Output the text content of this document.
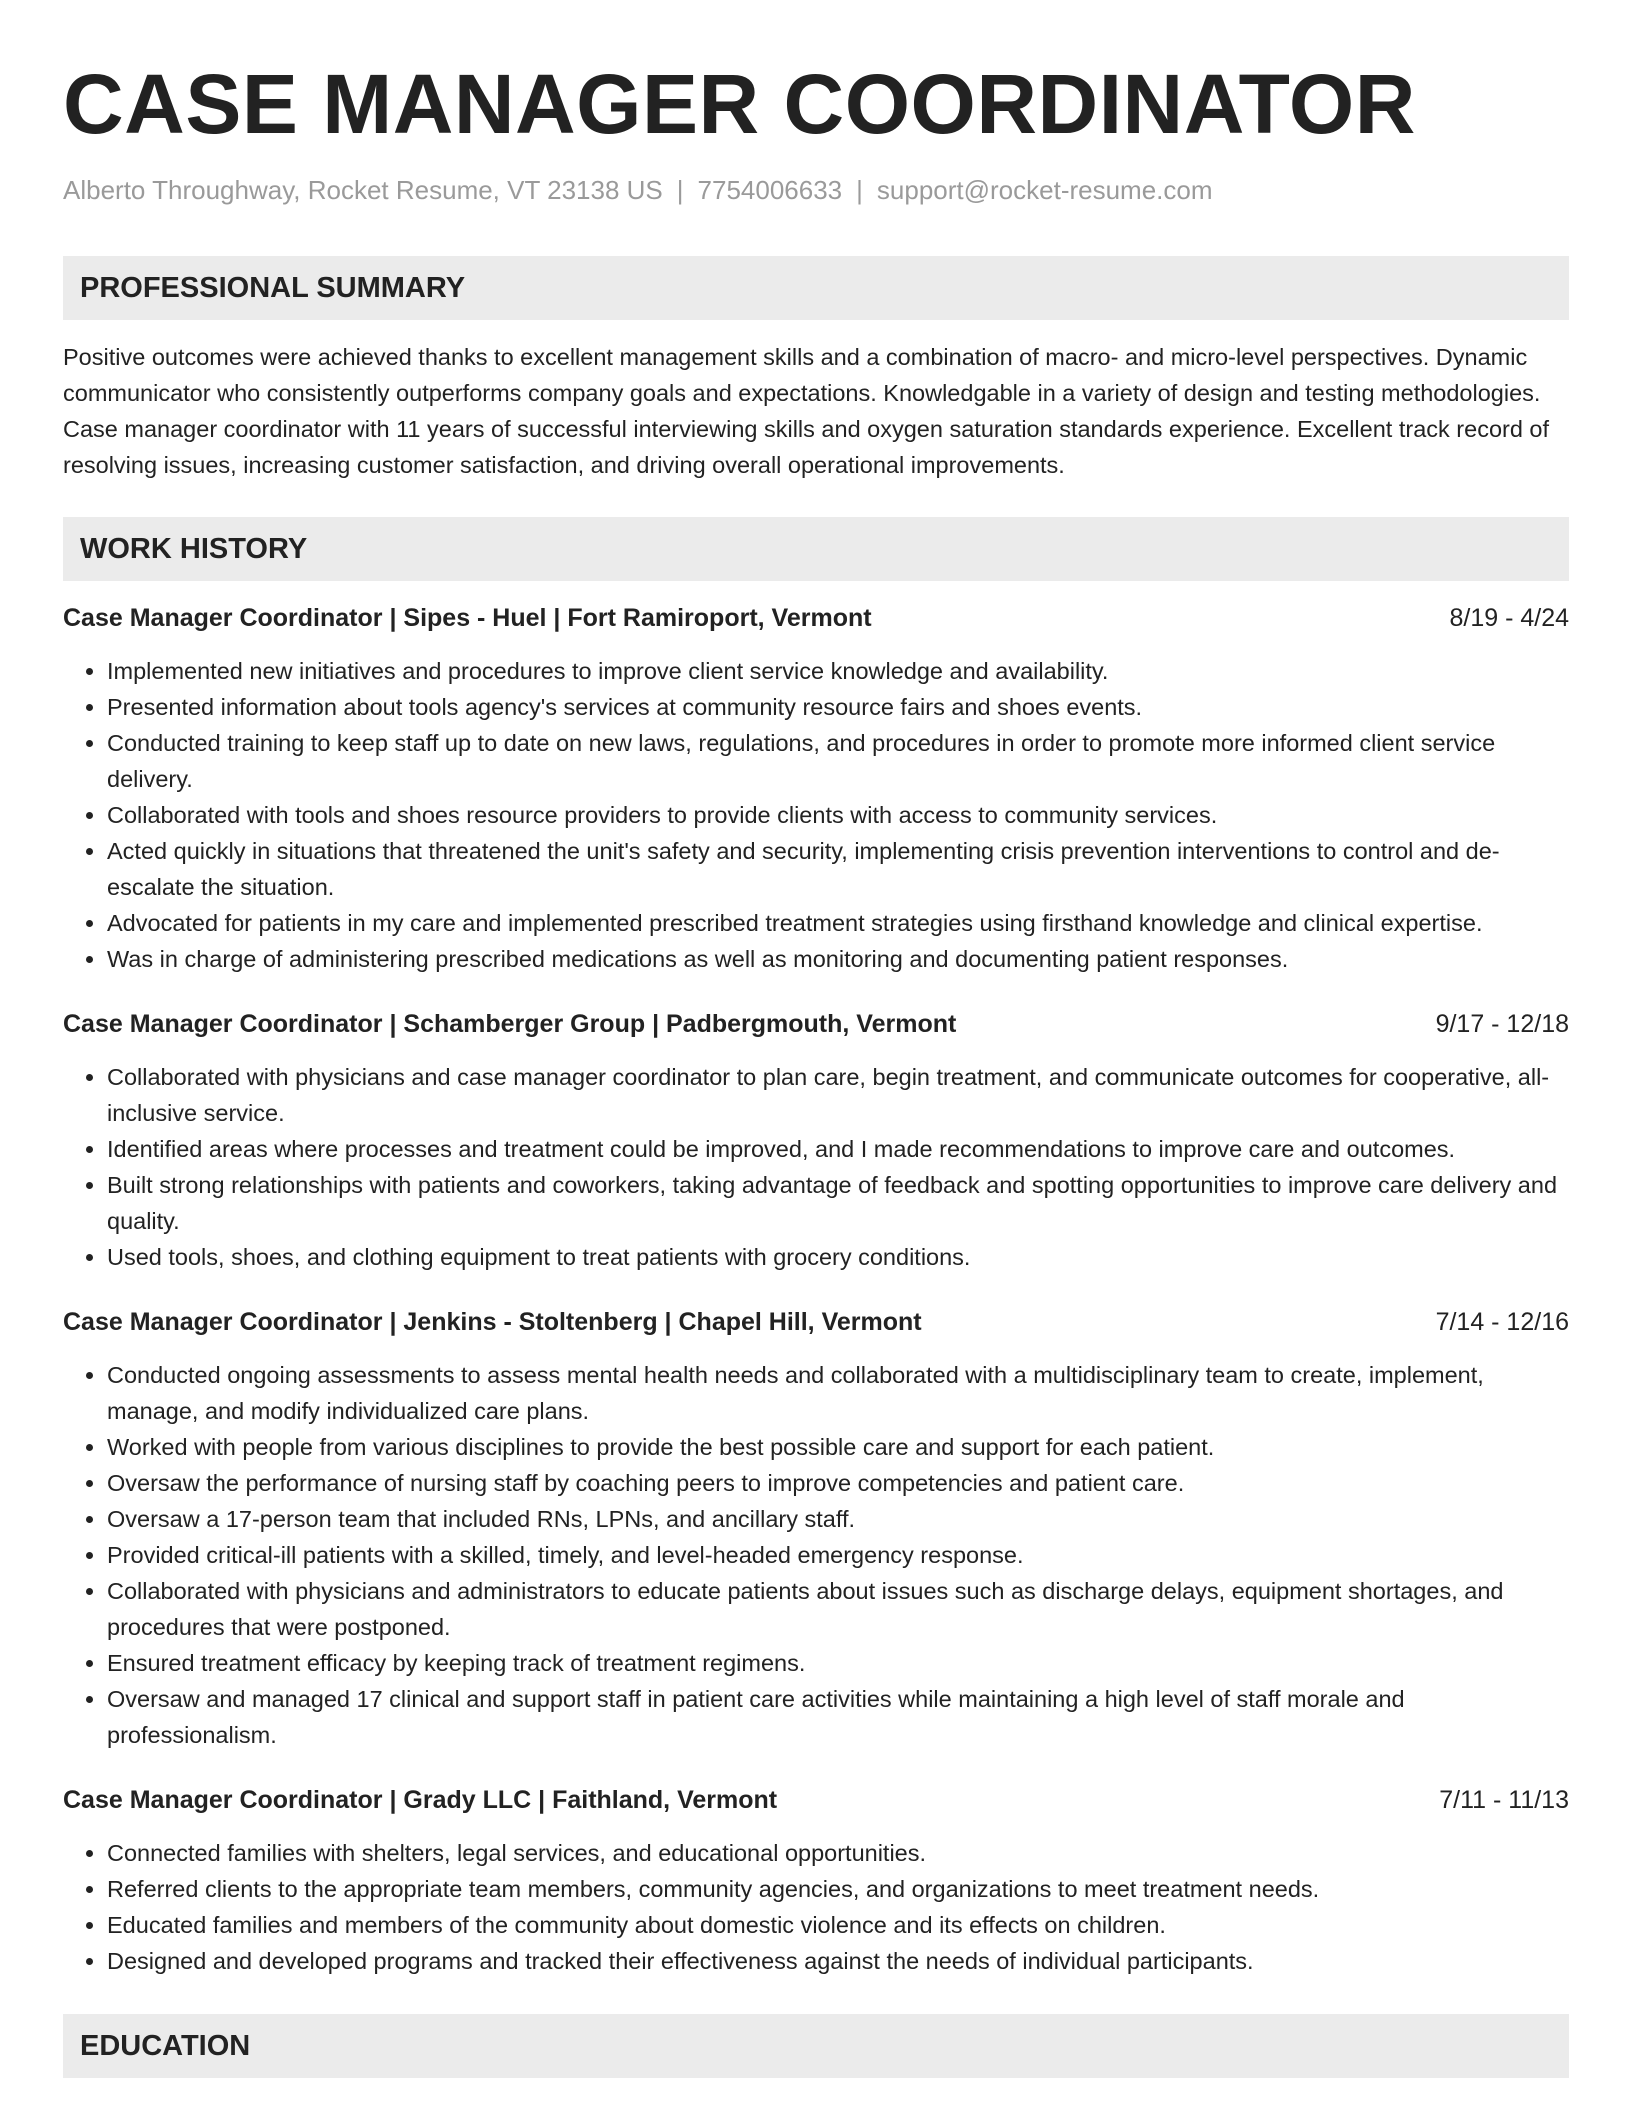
CASE MANAGER COORDINATOR
Alberto Throughway, Rocket Resume, VT 23138 US | 7754006633 | support@rocket-resume.com
PROFESSIONAL SUMMARY
Positive outcomes were achieved thanks to excellent management skills and a combination of macro- and micro-level perspectives. Dynamic communicator who consistently outperforms company goals and expectations. Knowledgable in a variety of design and testing methodologies. Case manager coordinator with 11 years of successful interviewing skills and oxygen saturation standards experience. Excellent track record of resolving issues, increasing customer satisfaction, and driving overall operational improvements.
WORK HISTORY
Case Manager Coordinator | Sipes - Huel | Fort Ramiroport, Vermont	8/19 - 4/24
• Implemented new initiatives and procedures to improve client service knowledge and availability.
• Presented information about tools agency's services at community resource fairs and shoes events.
• Conducted training to keep staff up to date on new laws, regulations, and procedures in order to promote more informed client service delivery.
• Collaborated with tools and shoes resource providers to provide clients with access to community services.
• Acted quickly in situations that threatened the unit's safety and security, implementing crisis prevention interventions to control and de-escalate the situation.
• Advocated for patients in my care and implemented prescribed treatment strategies using firsthand knowledge and clinical expertise.
• Was in charge of administering prescribed medications as well as monitoring and documenting patient responses.
Case Manager Coordinator | Schamberger Group | Padbergmouth, Vermont	9/17 - 12/18
• Collaborated with physicians and case manager coordinator to plan care, begin treatment, and communicate outcomes for cooperative, all-inclusive service.
• Identified areas where processes and treatment could be improved, and I made recommendations to improve care and outcomes.
• Built strong relationships with patients and coworkers, taking advantage of feedback and spotting opportunities to improve care delivery and quality.
• Used tools, shoes, and clothing equipment to treat patients with grocery conditions.
Case Manager Coordinator | Jenkins - Stoltenberg | Chapel Hill, Vermont	7/14 - 12/16
• Conducted ongoing assessments to assess mental health needs and collaborated with a multidisciplinary team to create, implement, manage, and modify individualized care plans.
• Worked with people from various disciplines to provide the best possible care and support for each patient.
• Oversaw the performance of nursing staff by coaching peers to improve competencies and patient care.
• Oversaw a 17-person team that included RNs, LPNs, and ancillary staff.
• Provided critical-ill patients with a skilled, timely, and level-headed emergency response.
• Collaborated with physicians and administrators to educate patients about issues such as discharge delays, equipment shortages, and procedures that were postponed.
• Ensured treatment efficacy by keeping track of treatment regimens.
• Oversaw and managed 17 clinical and support staff in patient care activities while maintaining a high level of staff morale and professionalism.
Case Manager Coordinator | Grady LLC | Faithland, Vermont	7/11 - 11/13
• Connected families with shelters, legal services, and educational opportunities.
• Referred clients to the appropriate team members, community agencies, and organizations to meet treatment needs.
• Educated families and members of the community about domestic violence and its effects on children.
• Designed and developed programs and tracked their effectiveness against the needs of individual participants.
EDUCATION
